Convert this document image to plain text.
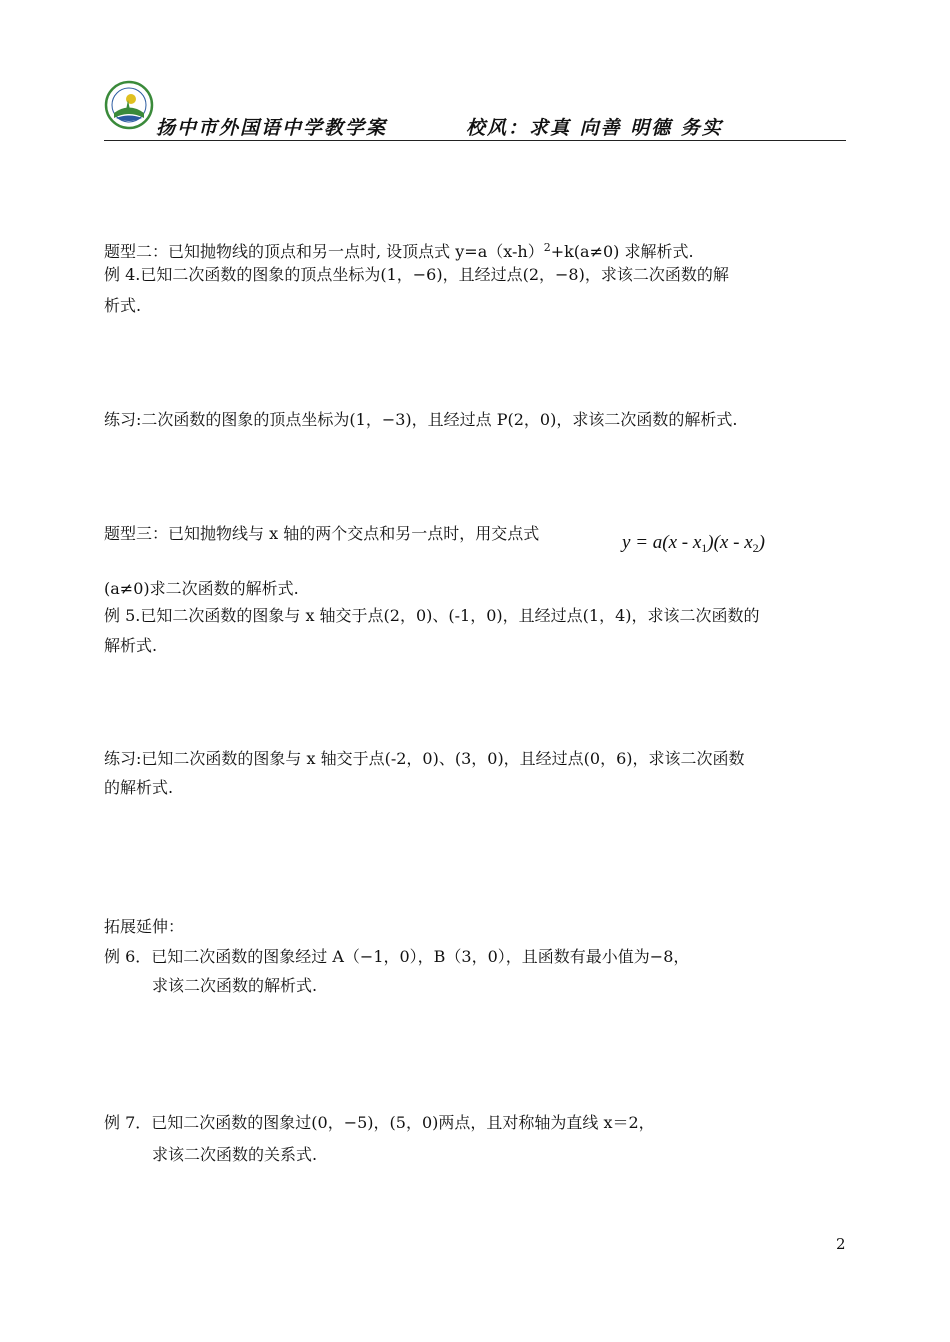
扬中市外国语中学教学案	校风：求真 向善 明德 务实
题型二：已知抛物线的顶点和另一点时, 设顶点式 $y=a(x-h)^2+k(a\ne 0)$ 求解析式.
例 4.已知二次函数的图象的顶点坐标为(1，−6)，且经过点(2，−8)，求该二次函数的解
析式.
练习:二次函数的图象的顶点坐标为(1，−3)，且经过点 P(2，0)，求该二次函数的解析式.
题型三：已知抛物线与 x 轴的两个交点和另一点时，用交点式	$y = a(x - x_1)(x - x_2)$
(a≠0)求二次函数的解析式.
例 5.已知二次函数的图象与 x 轴交于点(2，0)、(-1，0)，且经过点(1，4)，求该二次函数的
解析式.
练习:已知二次函数的图象与 x 轴交于点(-2，0)、(3，0)，且经过点(0，6)，求该二次函数
的解析式.
拓展延伸：
例 6．已知二次函数的图象经过 A（−1，0），B（3，0），且函数有最小值为−8，
求该二次函数的解析式.
例 7．已知二次函数的图象过(0，−5)，(5，0)两点，且对称轴为直线 x＝2，
求该二次函数的关系式.
2
